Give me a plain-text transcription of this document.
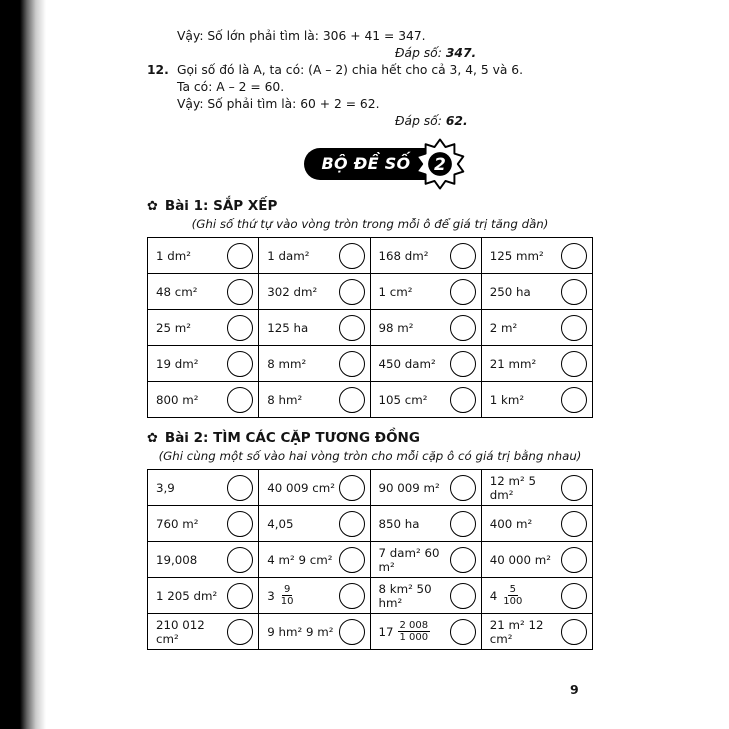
Vậy: Số lớn phải tìm là: 306 + 41 = 347.
Đáp số: 347.
12. Gọi số đó là A, ta có: (A – 2) chia hết cho cả 3, 4, 5 và 6.
Ta có: A – 2 = 60.
Vậy: Số phải tìm là: 60 + 2 = 62.
Đáp số: 62.
BỘ ĐỀ SỐ	2
✿ Bài 1: SẮP XẾP
(Ghi số thứ tự vào vòng tròn trong mỗi ô để giá trị tăng dần)
1 dm²	1 dam²	168 dm²	125 mm²

48 cm²	302 dm²	1 cm²	250 ha

25 m²	125 ha	98 m²	2 m²

19 dm²	8 mm²	450 dam²	21 mm²

800 m²	8 hm²	105 cm²	1 km²
✿ Bài 2: TÌM CÁC CẶP TƯƠNG ĐỒNG
(Ghi cùng một số vào hai vòng tròn cho mỗi cặp ô có giá trị bằng nhau)
3,9	40 009 cm²	90 009 m²	12 m² 5 dm²

760 m²	4,05	850 ha	400 m²

19,008	4 m² 9 cm²	7 dam² 60 m²	40 000 m²

1 205 dm²	$3 \frac{9}{10}$	8 km² 50 hm²	$4 \frac{5}{100}$

210 012 cm²	9 hm² 9 m²	$17 \frac{2 008}{1 000}$	21 m² 12 cm²
9
